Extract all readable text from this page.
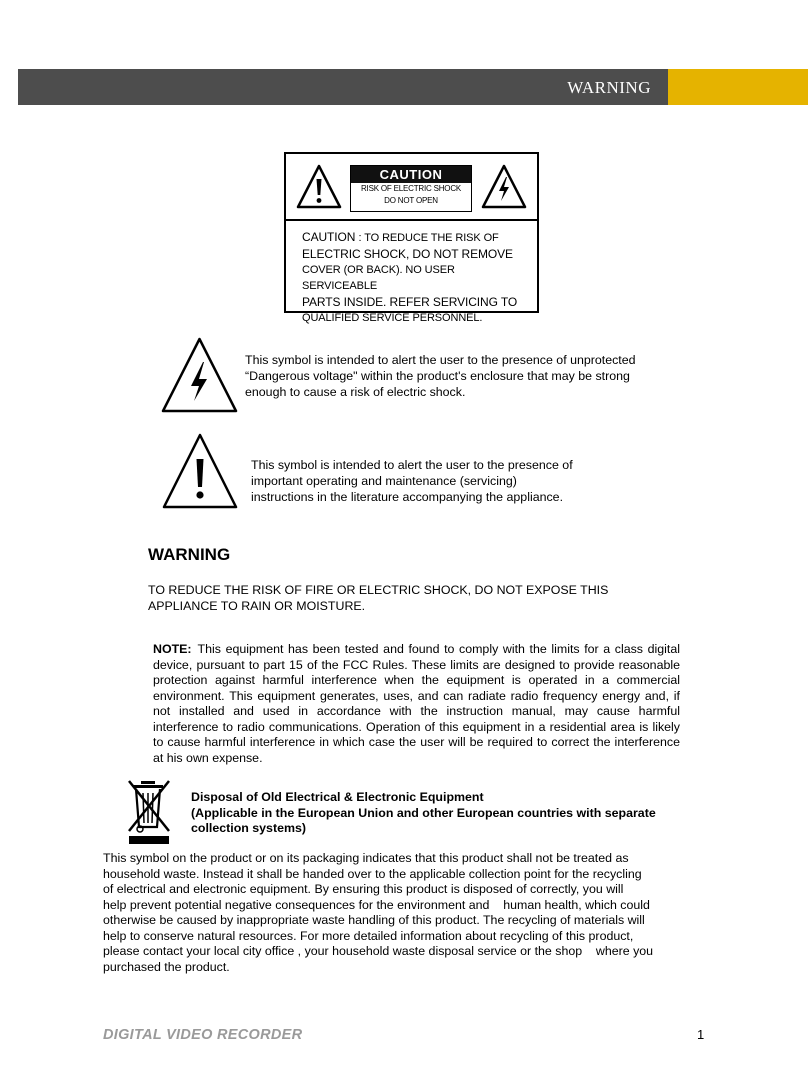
WARNING
CAUTION
RISK OF ELECTRIC SHOCK
DO NOT OPEN
CAUTION : TO REDUCE THE RISK OF
ELECTRIC SHOCK, DO NOT REMOVE
COVER (OR BACK). NO USER SERVICEABLE
PARTS INSIDE. REFER SERVICING TO
QUALIFIED SERVICE PERSONNEL.
This symbol is intended to alert the user to the presence of unprotected
“Dangerous voltage" within the product's enclosure that may be strong
enough to cause a risk of electric shock.
This symbol is intended to alert the user to the presence of
important operating and maintenance (servicing)
instructions in the literature accompanying the appliance.
WARNING
TO REDUCE THE RISK OF FIRE OR ELECTRIC SHOCK, DO NOT EXPOSE THIS
APPLIANCE TO RAIN OR MOISTURE.
NOTE: This equipment has been tested and found to comply with the limits for a class digital device, pursuant to part 15 of the FCC Rules. These limits are designed to provide reasonable protection against harmful interference when the equipment is operated in a commercial environment. This equipment generates, uses, and can radiate radio frequency energy and, if not installed and used in accordance with the instruction manual, may cause harmful interference to radio communications. Operation of this equipment in a residential area is likely to cause harmful interference in which case the user will be required to correct the interference at his own expense.
Disposal of Old Electrical & Electronic Equipment
(Applicable in the European Union and other European countries with separate
collection systems)
This symbol on the product or on its packaging indicates that this product shall not be treated as
household waste. Instead it shall be handed over to the applicable collection point for the recycling
of electrical and electronic equipment. By ensuring this product is disposed of correctly, you will
help prevent potential negative consequences for the environment and    human health, which could
otherwise be caused by inappropriate waste handling of this product. The recycling of materials will
help to conserve natural resources. For more detailed information about recycling of this product,
please contact your local city office , your household waste disposal service or the shop    where you
purchased the product.
DIGITAL VIDEO RECORDER	1
